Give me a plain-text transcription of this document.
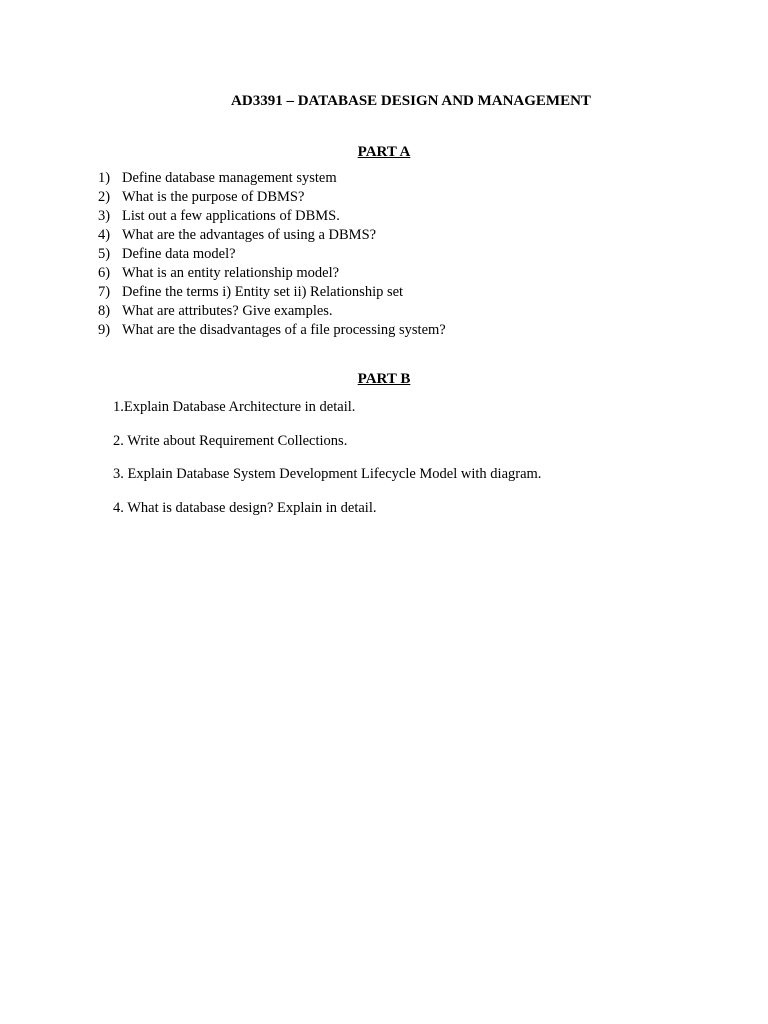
AD3391 – DATABASE DESIGN AND MANAGEMENT
PART A
1) Define database management system
2) What is the purpose of DBMS?
3) List out a few applications of DBMS.
4) What are the advantages of using a DBMS?
5) Define data model?
6) What is an entity relationship model?
7) Define the terms i) Entity set ii) Relationship set
8) What are attributes? Give examples.
9) What are the disadvantages of a file processing system?
PART B
1.Explain Database Architecture in detail.
2. Write about Requirement Collections.
3. Explain Database System Development Lifecycle Model with diagram.
4. What is database design? Explain in detail.
